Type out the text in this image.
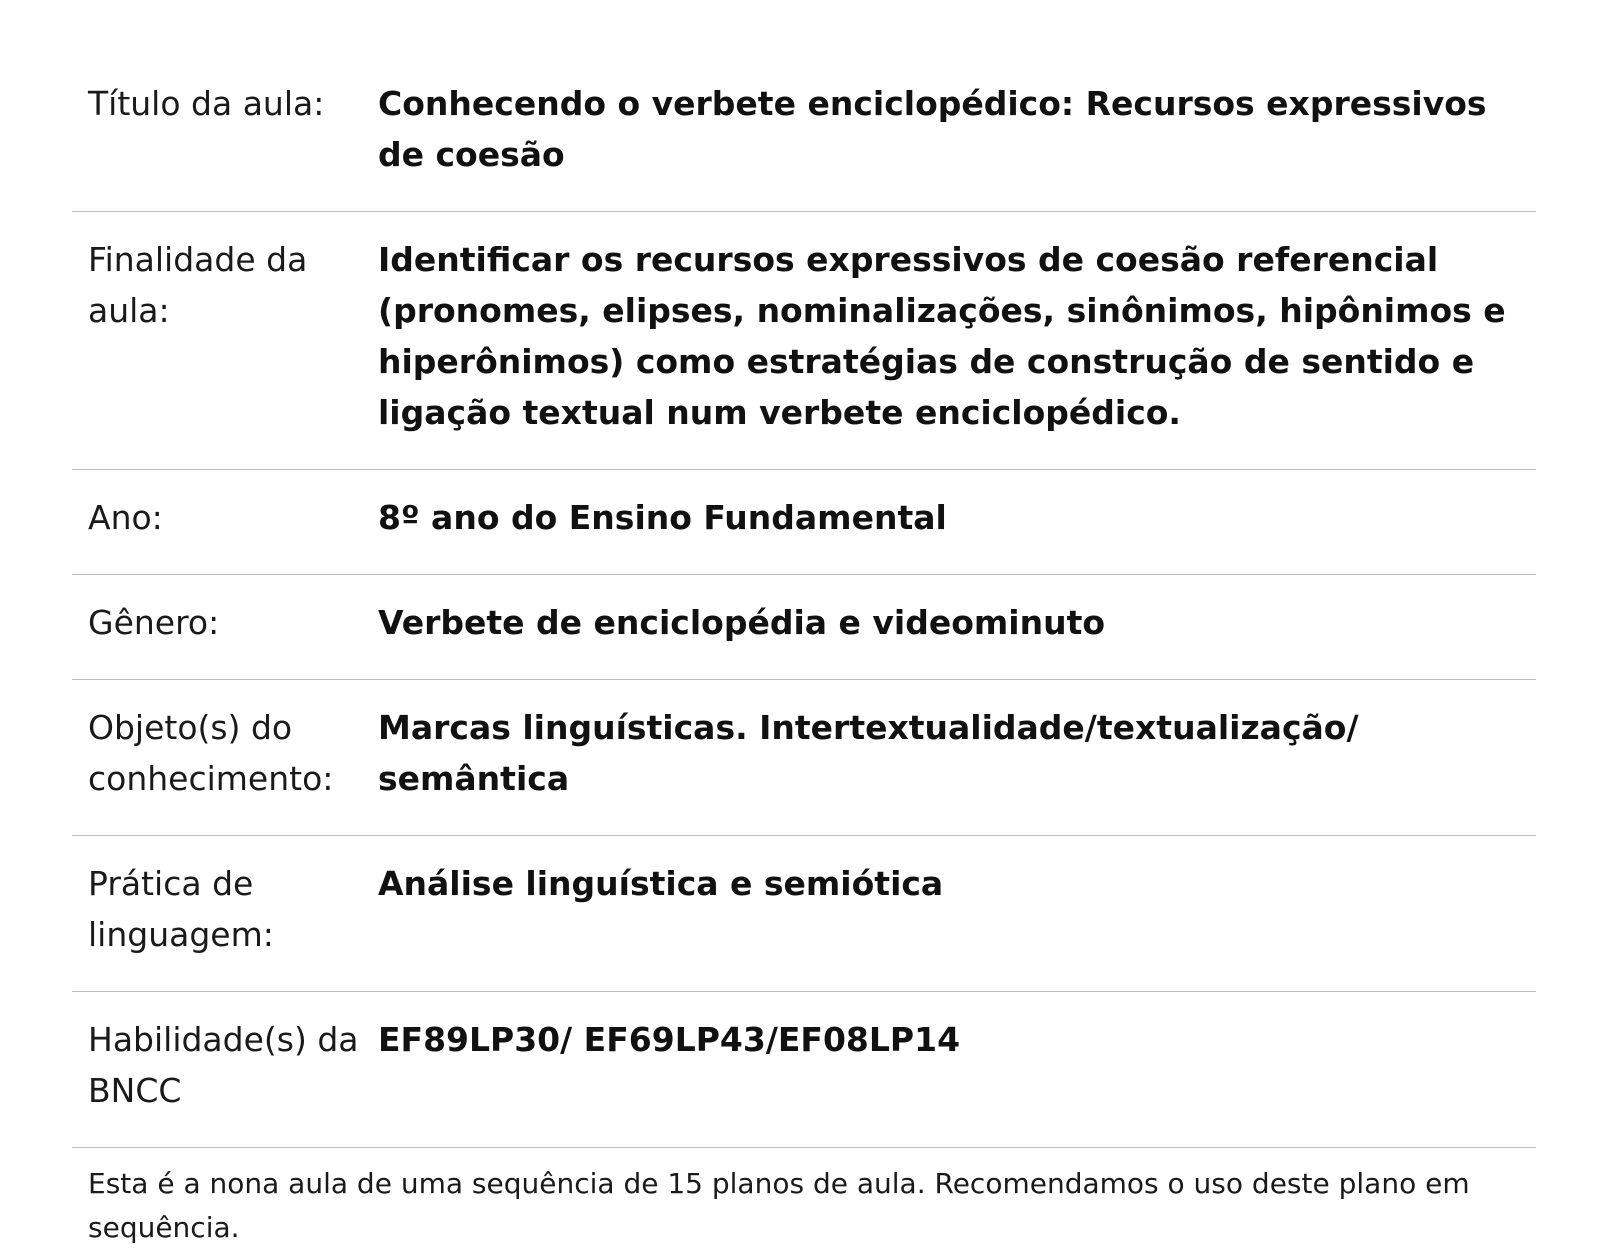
Título da aula:	Conhecendo o verbete enciclopédico: Recursos expressivos de coesão
Finalidade da aula:	Identificar os recursos expressivos de coesão referencial (pronomes, elipses, nominalizações, sinônimos, hipônimos e hiperônimos) como estratégias de construção de sentido e ligação textual num verbete enciclopédico.
Ano:	8º ano do Ensino Fundamental
Gênero:	Verbete de enciclopédia e videominuto
Objeto(s) do conhecimento:	Marcas linguísticas. Intertextualidade/textualização/ semântica
Prática de linguagem:	Análise linguística e semiótica
Habilidade(s) da BNCC	EF89LP30/ EF69LP43/EF08LP14
Esta é a nona aula de uma sequência de 15 planos de aula. Recomendamos o uso deste plano em sequência.
